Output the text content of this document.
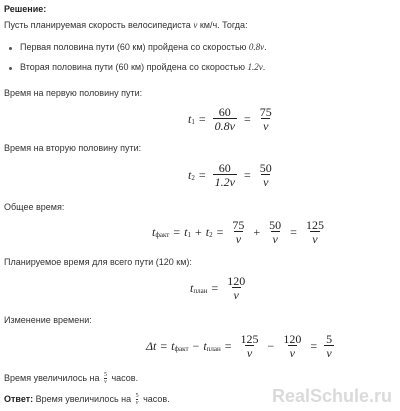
Решение:
Пусть планируемая скорость велосипедиста v км/ч. Тогда:
Первая половина пути (60 км) пройдена со скоростью 0.8v.
Вторая половина пути (60 км) пройдена со скоростью 1.2v.
Время на первую половину пути:
t $1 = \frac{60}{0.8v} = \frac{75}{v}$
Время на вторую половину пути:
t $2 = \frac{60}{1.2v} = \frac{50}{v}$
Общее время:
t факт = t 1 + t $2 = \frac{75}{v} + \frac{50}{v} = \frac{125}{v}$
Планируемое время для всего пути (120 км):
t план = $\frac{120}{v}$
Изменение времени:
Δt = t факт − t план = $\frac{125}{v} - \frac{120}{v} = \frac{5}{v}$
Время увеличилось на $\frac{5}{v}$ часов.
Ответ: Время увеличилось на $\frac{5}{v}$ часов.	RealSchule.ru
